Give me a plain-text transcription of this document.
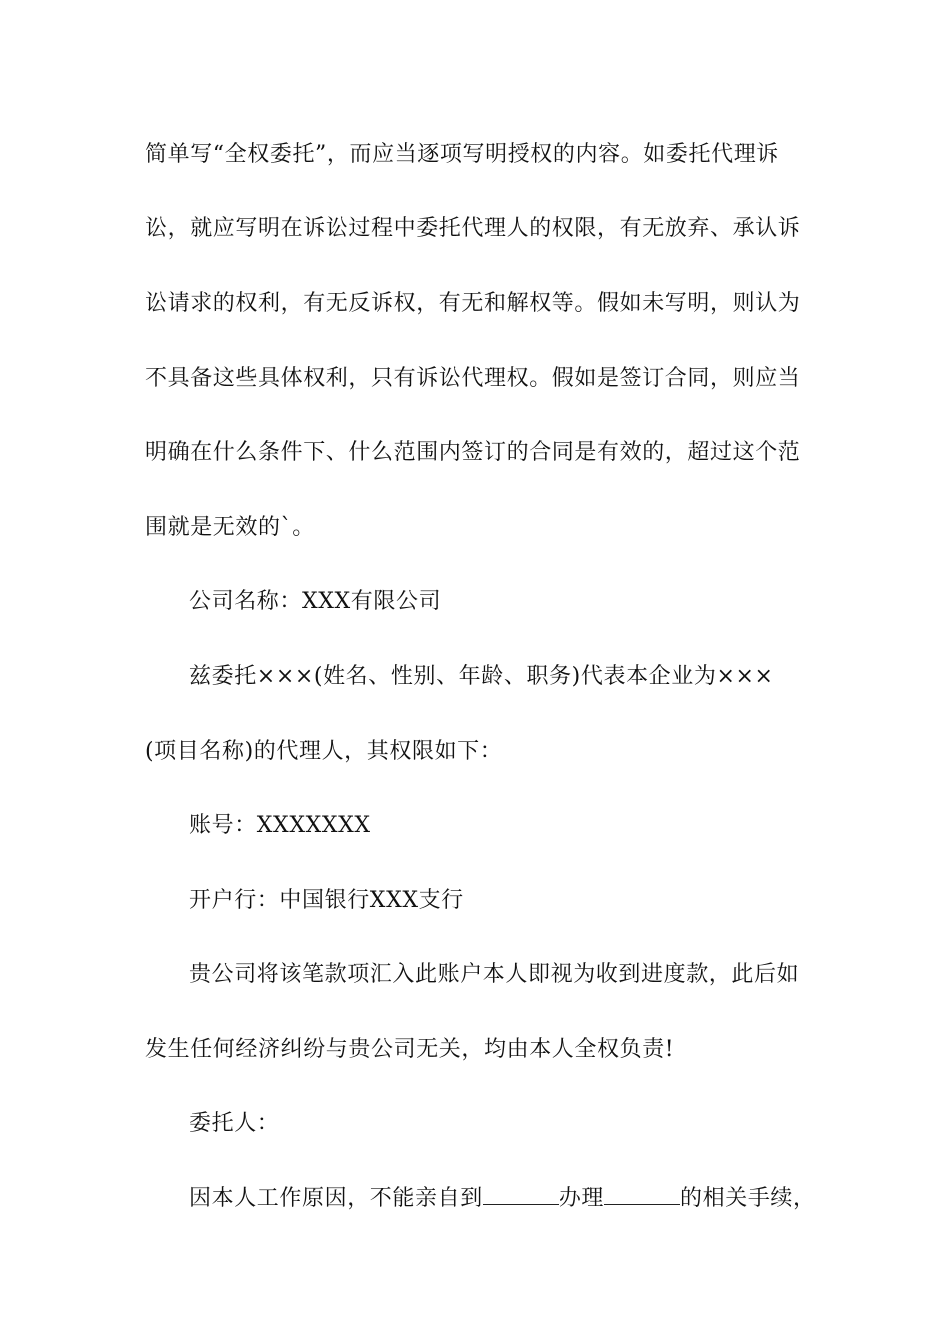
简单写“全权委托”，而应当逐项写明授权的内容。如委托代理诉
讼，就应写明在诉讼过程中委托代理人的权限，有无放弃、承认诉
讼请求的权利，有无反诉权，有无和解权等。假如未写明，则认为
不具备这些具体权利，只有诉讼代理权。假如是签订合同，则应当
明确在什么条件下、什么范围内签订的合同是有效的，超过这个范
围就是无效的`。
公司名称：XXX有限公司
兹委托×××(姓名、性别、年龄、职务)代表本企业为×××
(项目名称)的代理人，其权限如下：
账号：XXXXXXX
开户行：中国银行XXX支行
贵公司将该笔款项汇入此账户本人即视为收到进度款，此后如
发生任何经济纠纷与贵公司无关，均由本人全权负责!
委托人：
因本人工作原因，不能亲自到	办理	的相关手续，
